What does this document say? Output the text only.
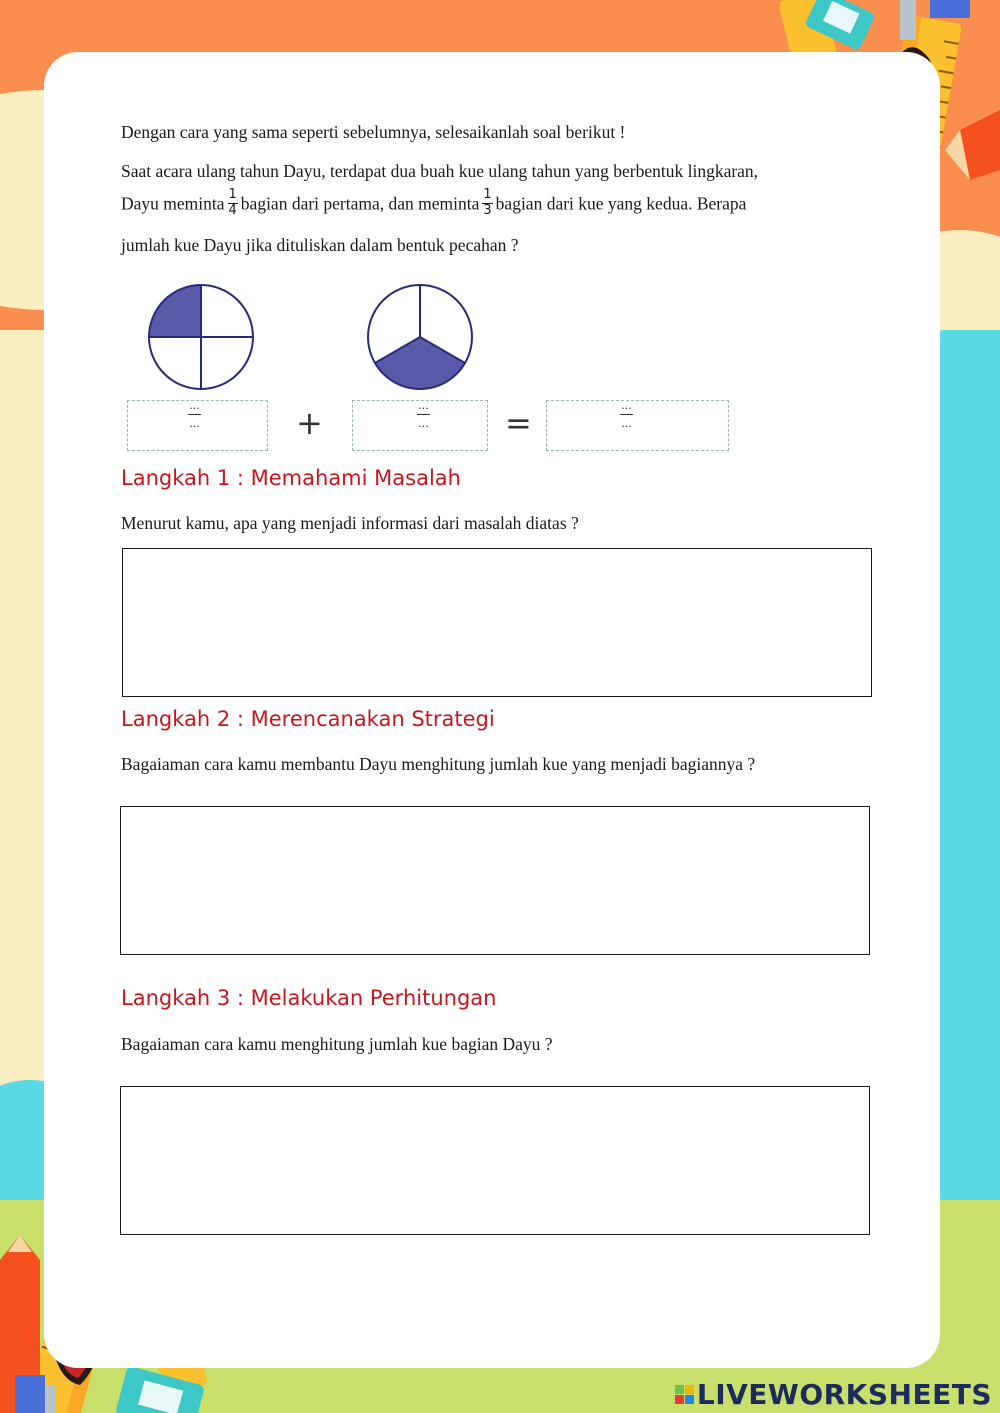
Dengan cara yang sama seperti sebelumnya, selesaikanlah soal berikut !
Saat acara ulang tahun Dayu, terdapat dua buah kue ulang tahun yang berbentuk lingkaran,
Dayu meminta $\frac{1}{4}$ bagian dari pertama, dan meminta $\frac{1}{3}$ bagian dari kue yang kedua. Berapa
jumlah kue Dayu jika dituliskan dalam bentuk pecahan ?
...
...	+	...
... =	...
...
Langkah 1 : Memahami Masalah
Menurut kamu, apa yang menjadi informasi dari masalah diatas ?
Langkah 2 : Merencanakan Strategi
Bagaiaman cara kamu membantu Dayu menghitung jumlah kue yang menjadi bagiannya ?
Langkah 3 : Melakukan Perhitungan
Bagaiaman cara kamu menghitung jumlah kue bagian Dayu ?
LIVEWORKSHEETS
